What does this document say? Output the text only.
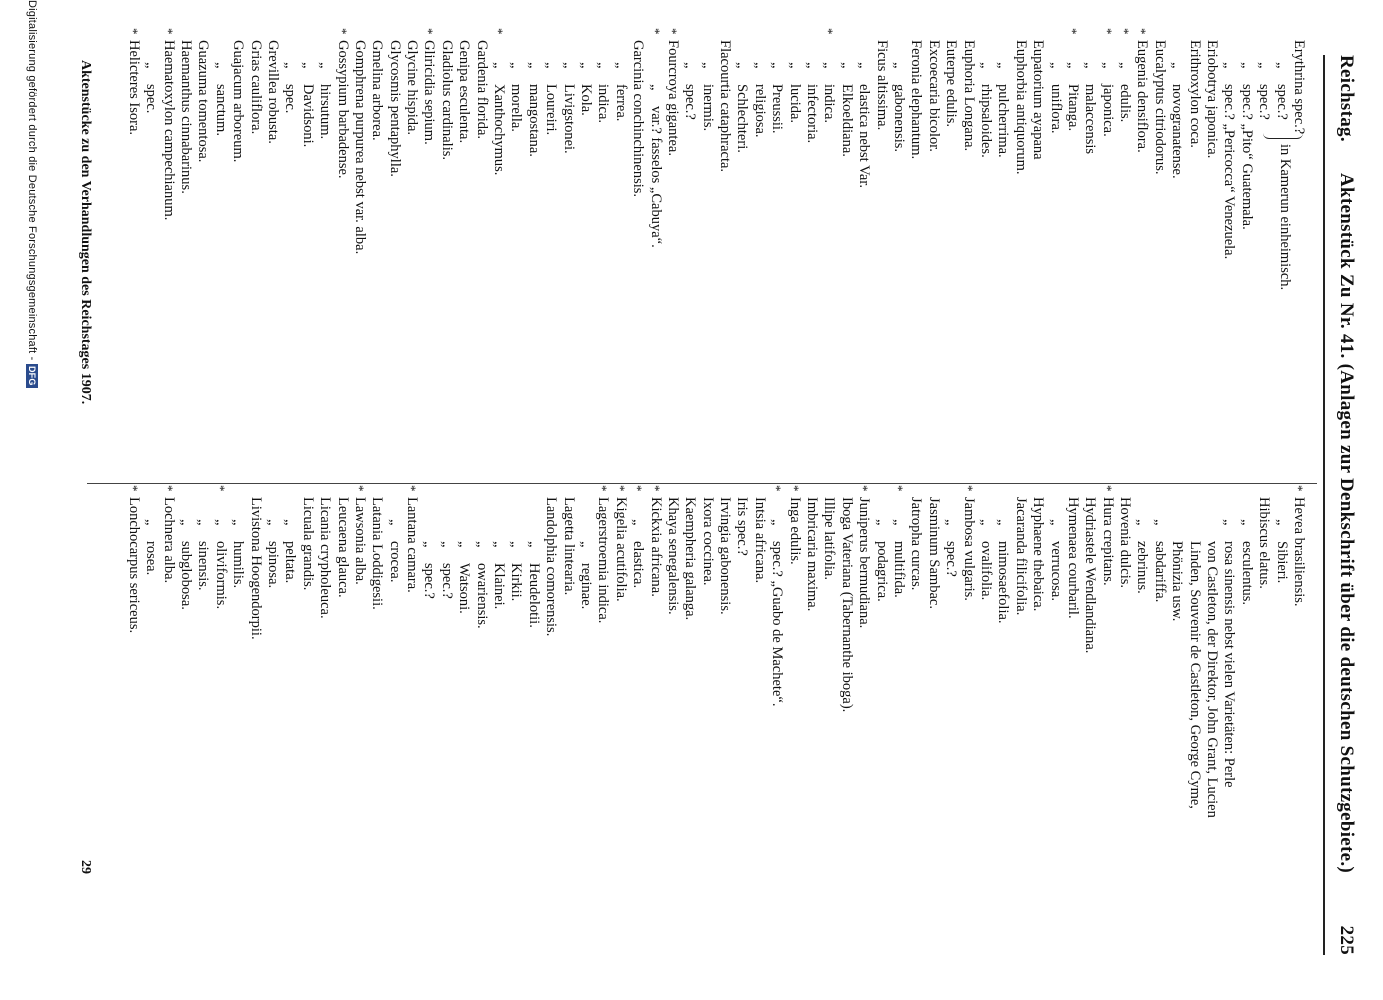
Reichstag.
Aktenstück Zu Nr. 41. (Anlagen zur Denkschrift über die deutschen Schutzgebiete.)
225
in Kamerun einheimisch.
Erythrina spec.?
„spec.?
„spec.?
„spec.? „Pito“ Guatemala.
„spec.? „Pericocca“ Venezuela.
Eriobotrya japonica.
Erithroxylon coca.
„novogranatense.
Eucalyptus citriodorus.
*
Eugenia densiflora.
*
„edulis.
*
„japonica.
„malaccensis
*
„Pitanga.
„uniflora.
Eupatorium ayapana
Euphorbia antiquorum.
„pulcherrima.
„rhipsaloides.
Euphoria Longana.
Euterpe edulis.
Excoecaria bicolor.
Feronia elephantum.
„gabonensis.
Ficus altissima.
„elastica nebst Var.
„Elkoeldiana.
*
„indica.
„infectoria.
„lucida.
„Preussii.
„religiosa.
„Schlechteri.
Flacourtia cataphracta.
„inermis.
„spec.?
*
Fourcroya gigantea.
*
„var.? fasselos „Cabuya“.
Garcinia conchinchinensis.
„ferrea.
„indica.
„Kola.
„Livigstonei.
„Loureiri.
„mangostana.
„morella.
*
„Xanthochymus.
Gardenia florida.
Genipa esculenta.
Gladiolus cardinalis.
*
Gliricidia sepium.
Glycine hispida.
Glycosmis pentaphylla.
Gmelina arborea.
Gomphrena purpurea nebst var. alba.
*
Gossypium barbadense.
„hirsutum.
„Davidsoni.
„spec.
Grevillea robusta.
Grias cauliflora.
Guajacum arboreum.
„sanctum.
Guazuma tomentosa.
Haemanthus cinnabarinus.
*
Haematoxylon campechianum.
„spec.
*
Helicteres Isora.
*
Hevea brasiliensis.
„Sibieri.
Hibiscus elatus.
„esculentus.
„rosa sinensis nebst vielen Varietäten: Perle
von Castleton, der Direktor, John Grant, Lucien
Linden, Souvenir de Castleton, George Cyme,
Phönizia usw.
„sabdariffa.
„zebrinus.
Hovenia dulcis.
*
Hura crepitans.
Hydriastele Wendlandiana.
Hymenaea courbaril.
„verrucosa.
Hyphaene thebaica.
Jacaranda filicifolia.
„mimosaefolia.
„ovalifolia.
*
Jambosa vulgaris.
„spec.?
Jasminum Sambac.
Jatropha curcas.
*
„multifida.
„podagrica.
*
Juniperus bermudiana.
Iboga Vateriana (Tabernanthe iboga).
Illipe latifolia.
Imbricaria maxima.
*
Inga edulis.
*
„spec.? „Guabo de Machete“.
Intsia africana.
Iris spec.?
Irvingia gabonensis.
Ixora coccinea.
Kaempheria galanga.
Khaya senegalensis.
*
Kickxia africana.
*
„elastica.
*
Kigelia acutifolia.
*
Lagerstroemia indica.
„reginae.
Lagetta lintearia.
Landolphia comorensis.
„Heudelotii.
„Kirkii.
„Klainei.
„owariensis.
„Watsoni.
„spec.?
„spec.?
*
Lantana camara.
„crocea.
Latania Loddigesii.
*
Lawsonia alba.
Leucaena glauca.
Licania crypholeuca.
Licuala grandis.
„peltata.
„spinosa.
Livistona Hoogendorpii.
„humilis.
*
„oliviformis.
„sinensis.
„subglobosa.
*
Lochnera alba.
„rosea.
*
Lonchocarpus sericeus.
Aktenstücke zu den Verhandlungen des Reichstages 1907.
29
Digitalisierung gefördert durch die Deutsche Forschungsgemeinschaft - DFG
